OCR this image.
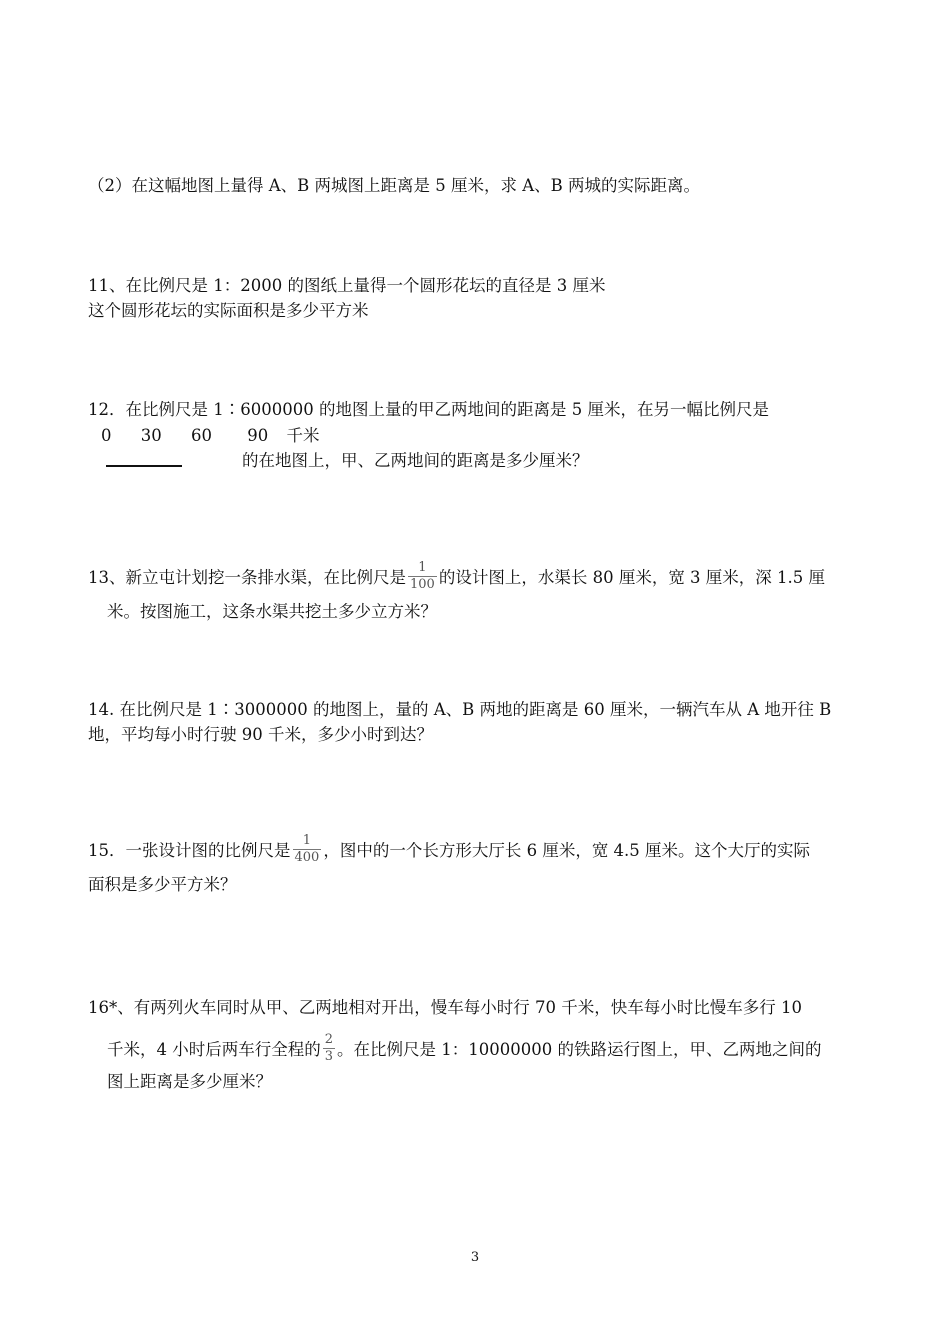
（2）在这幅地图上量得 A、B 两城图上距离是 5 厘米，求 A、B 两城的实际距离。
11、在比例尺是 1：2000 的图纸上量得一个圆形花坛的直径是 3 厘米
这个圆形花坛的实际面积是多少平方米
12．在比例尺是 1∶6000000 的地图上量的甲乙两地间的距离是 5 厘米，在另一幅比例尺是
0 30 60 90 千米
的在地图上，甲、乙两地间的距离是多少厘米？
13、新立屯计划挖一条排水渠，在比例尺是 $\frac{1}{100}$ 的设计图上，水渠长 80 厘米，宽 3 厘米，深 1.5 厘
米。按图施工，这条水渠共挖土多少立方米？
14. 在比例尺是 1∶3000000 的地图上，量的 A、B 两地的距离是 60 厘米，一辆汽车从 A 地开往 B
地，平均每小时行驶 90 千米，多少小时到达？
15．一张设计图的比例尺是 $\frac{1}{400}$ ，图中的一个长方形大厅长 6 厘米，宽 4.5 厘米。这个大厅的实际
面积是多少平方米？
16*、有两列火车同时从甲、乙两地相对开出，慢车每小时行 70 千米，快车每小时比慢车多行 10
千米，4 小时后两车行全程的 $\frac{2}{3}$ 。在比例尺是 1：10000000 的铁路运行图上，甲、乙两地之间的
图上距离是多少厘米？
3
